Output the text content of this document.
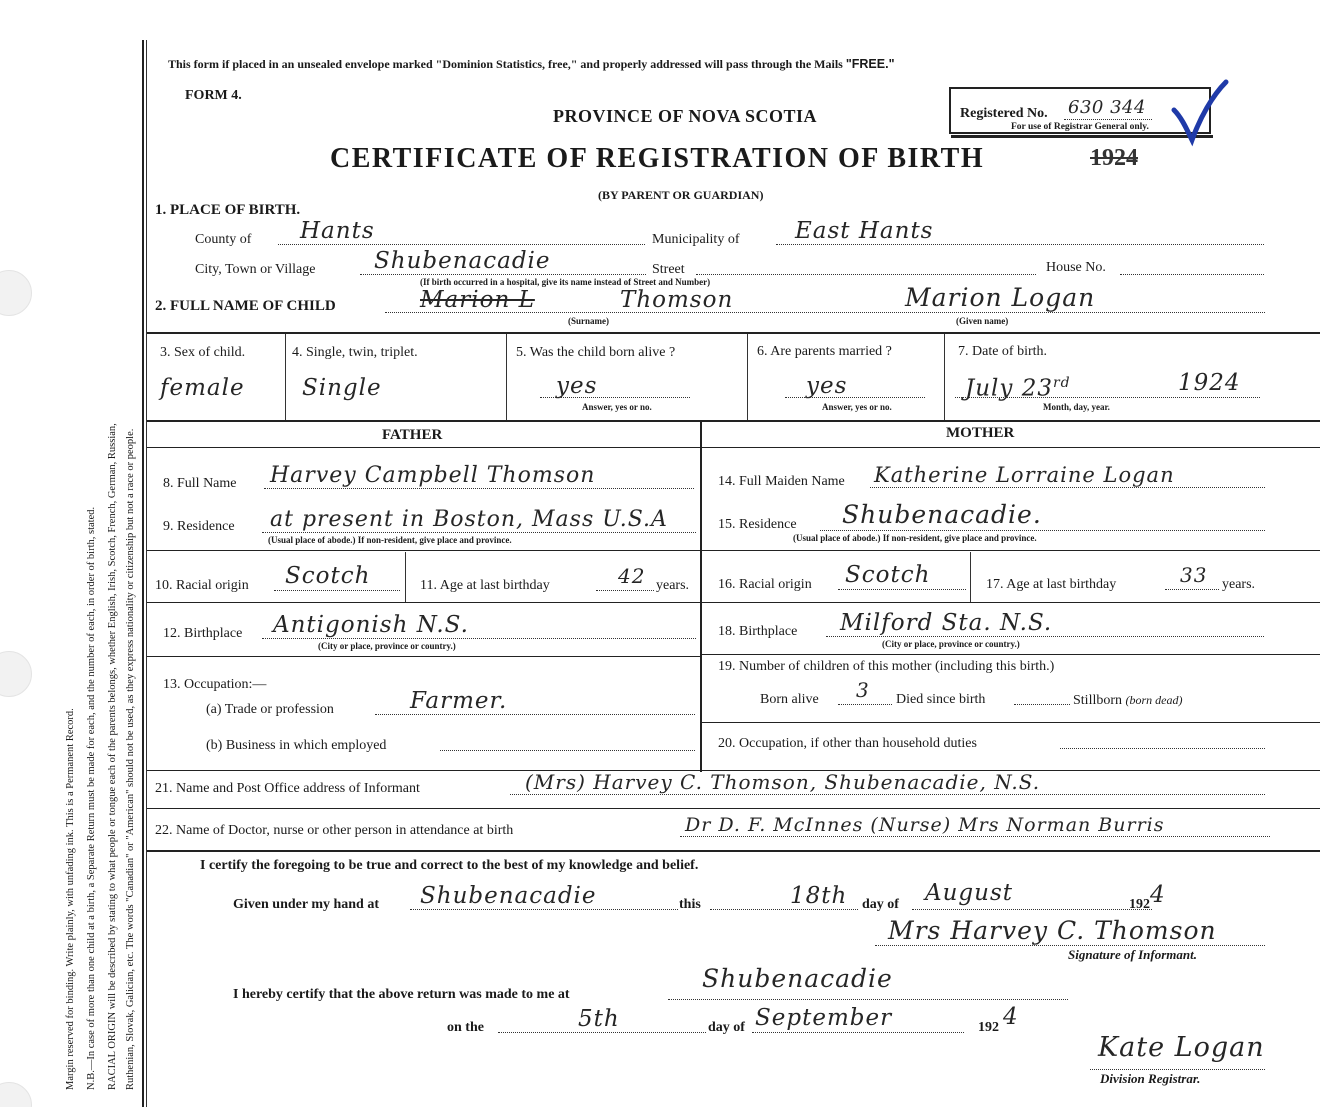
Margin reserved for binding. Write plainly, with unfading ink. This is a Permanent Record. N.B.—In case of more than one child at a birth, a Separate Return must be made for each, and the number of each, in order of birth, stated. RACIAL ORIGIN will be described by stating to what people or tongue each of the parents belongs, whether English, Irish, Scotch, French, German, Russian, Ruthenian, Slovak, Galician, etc. The words "Canadian" or "American" should not be used, as they express nationality or citizenship but not a race or people.
This form if placed in an unsealed envelope marked "Dominion Statistics, free," and properly addressed will pass through the Mails "FREE."
FORM 4.
PROVINCE OF NOVA SCOTIA	Registered No. 630 344
For use of Registrar General only.
CERTIFICATE OF REGISTRATION OF BIRTH	1924
(BY PARENT OR GUARDIAN)
1. PLACE OF BIRTH.
County of Hants	Municipality of East Hants
City, Town or Village	Shubenacadie
(If birth occurred in a hospital, give its name instead of Street and Number)
Street	House No.
2. FULL NAME OF CHILD	Marion L	Thomson
(Surname)
Marion Logan
(Given name)
3. Sex of child.
female
4. Single, twin, triplet.
Single
5. Was the child born alive ?
yes
Answer, yes or no.
6. Are parents married ?
yes
Answer, yes or no.
7. Date of birth.
July 23rd	1924
Month, day, year.
FATHER	MOTHER
8. Full Name Harvey Campbell Thomson
9. Residence at present in Boston, Mass U.S.A
(Usual place of abode.) If non-resident, give place and province.
10. Racial origin Scotch	11. Age at last birthday	42 years.
12. Birthplace Antigonish N.S.
(City or place, province or country.)
13. Occupation:—
(a) Trade or profession	Farmer.
(b) Business in which employed
14. Full Maiden Name Katherine Lorraine Logan
15. Residence Shubenacadie.
(Usual place of abode.) If non-resident, give place and province.
16. Racial origin Scotch	17. Age at last birthday	33 years.
18. Birthplace Milford Sta. N.S.
(City or place, province or country.)
19. Number of children of this mother (including this birth.)
Born alive 3 Died since birth	Stillborn (born dead)
20. Occupation, if other than household duties
21. Name and Post Office address of Informant	(Mrs) Harvey C. Thomson, Shubenacadie, N.S.
22. Name of Doctor, nurse or other person in attendance at birth	Dr D. F. McInnes (Nurse) Mrs Norman Burris
I certify the foregoing to be true and correct to the best of my knowledge and belief.
Given under my hand at Shubenacadie	this	18th day of August	192 4
Mrs Harvey C. Thomson
Signature of Informant.
I hereby certify that the above return was made to me at
Shubenacadie
on the	5th	day of September	192 4
Kate Logan
Division Registrar.
